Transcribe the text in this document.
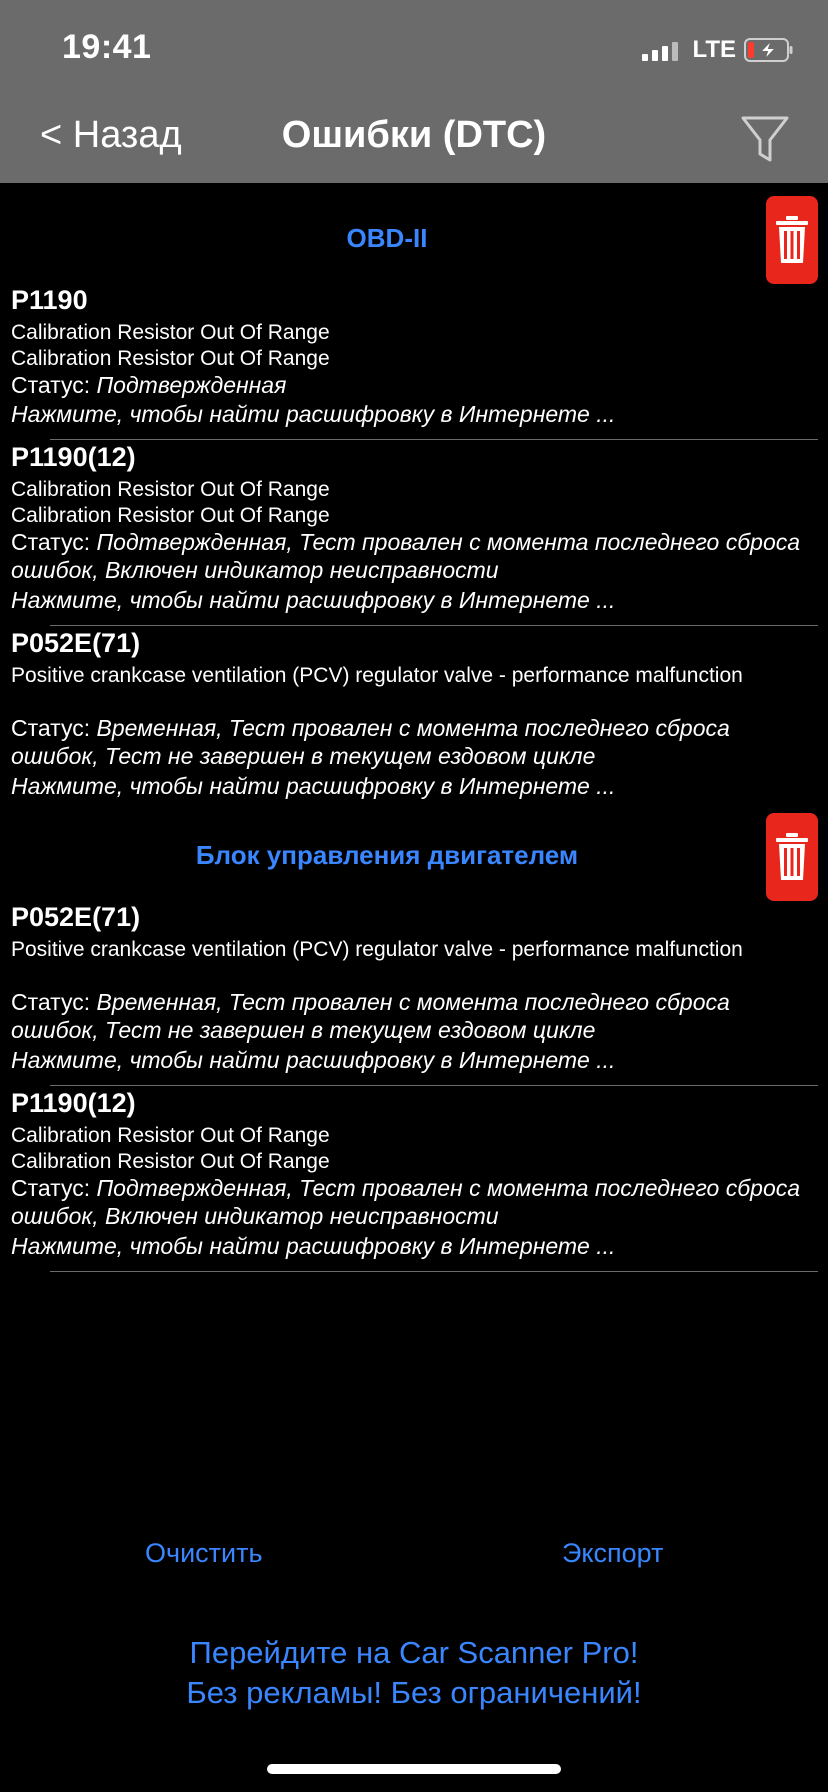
19:41	LTE
< Назад	Ошибки (DTC)
OBD-II
P1190
Calibration Resistor Out Of Range
Calibration Resistor Out Of Range
Статус: Подтвержденная
Нажмите, чтобы найти расшифровку в Интернете ...
P1190(12)
Calibration Resistor Out Of Range
Calibration Resistor Out Of Range
Статус: Подтвержденная, Тест провален с момента последнего сброса ошибок, Включен индикатор неисправности
Нажмите, чтобы найти расшифровку в Интернете ...
P052E(71)
Positive crankcase ventilation (PCV) regulator valve - performance malfunction
Статус: Временная, Тест провален с момента последнего сброса ошибок, Тест не завершен в текущем ездовом цикле
Нажмите, чтобы найти расшифровку в Интернете ...
Блок управления двигателем
P052E(71)
Positive crankcase ventilation (PCV) regulator valve - performance malfunction
Статус: Временная, Тест провален с момента последнего сброса ошибок, Тест не завершен в текущем ездовом цикле
Нажмите, чтобы найти расшифровку в Интернете ...
P1190(12)
Calibration Resistor Out Of Range
Calibration Resistor Out Of Range
Статус: Подтвержденная, Тест провален с момента последнего сброса ошибок, Включен индикатор неисправности
Нажмите, чтобы найти расшифровку в Интернете ...
Очистить	Экспорт
Перейдите на Car Scanner Pro!
Без рекламы! Без ограничений!
